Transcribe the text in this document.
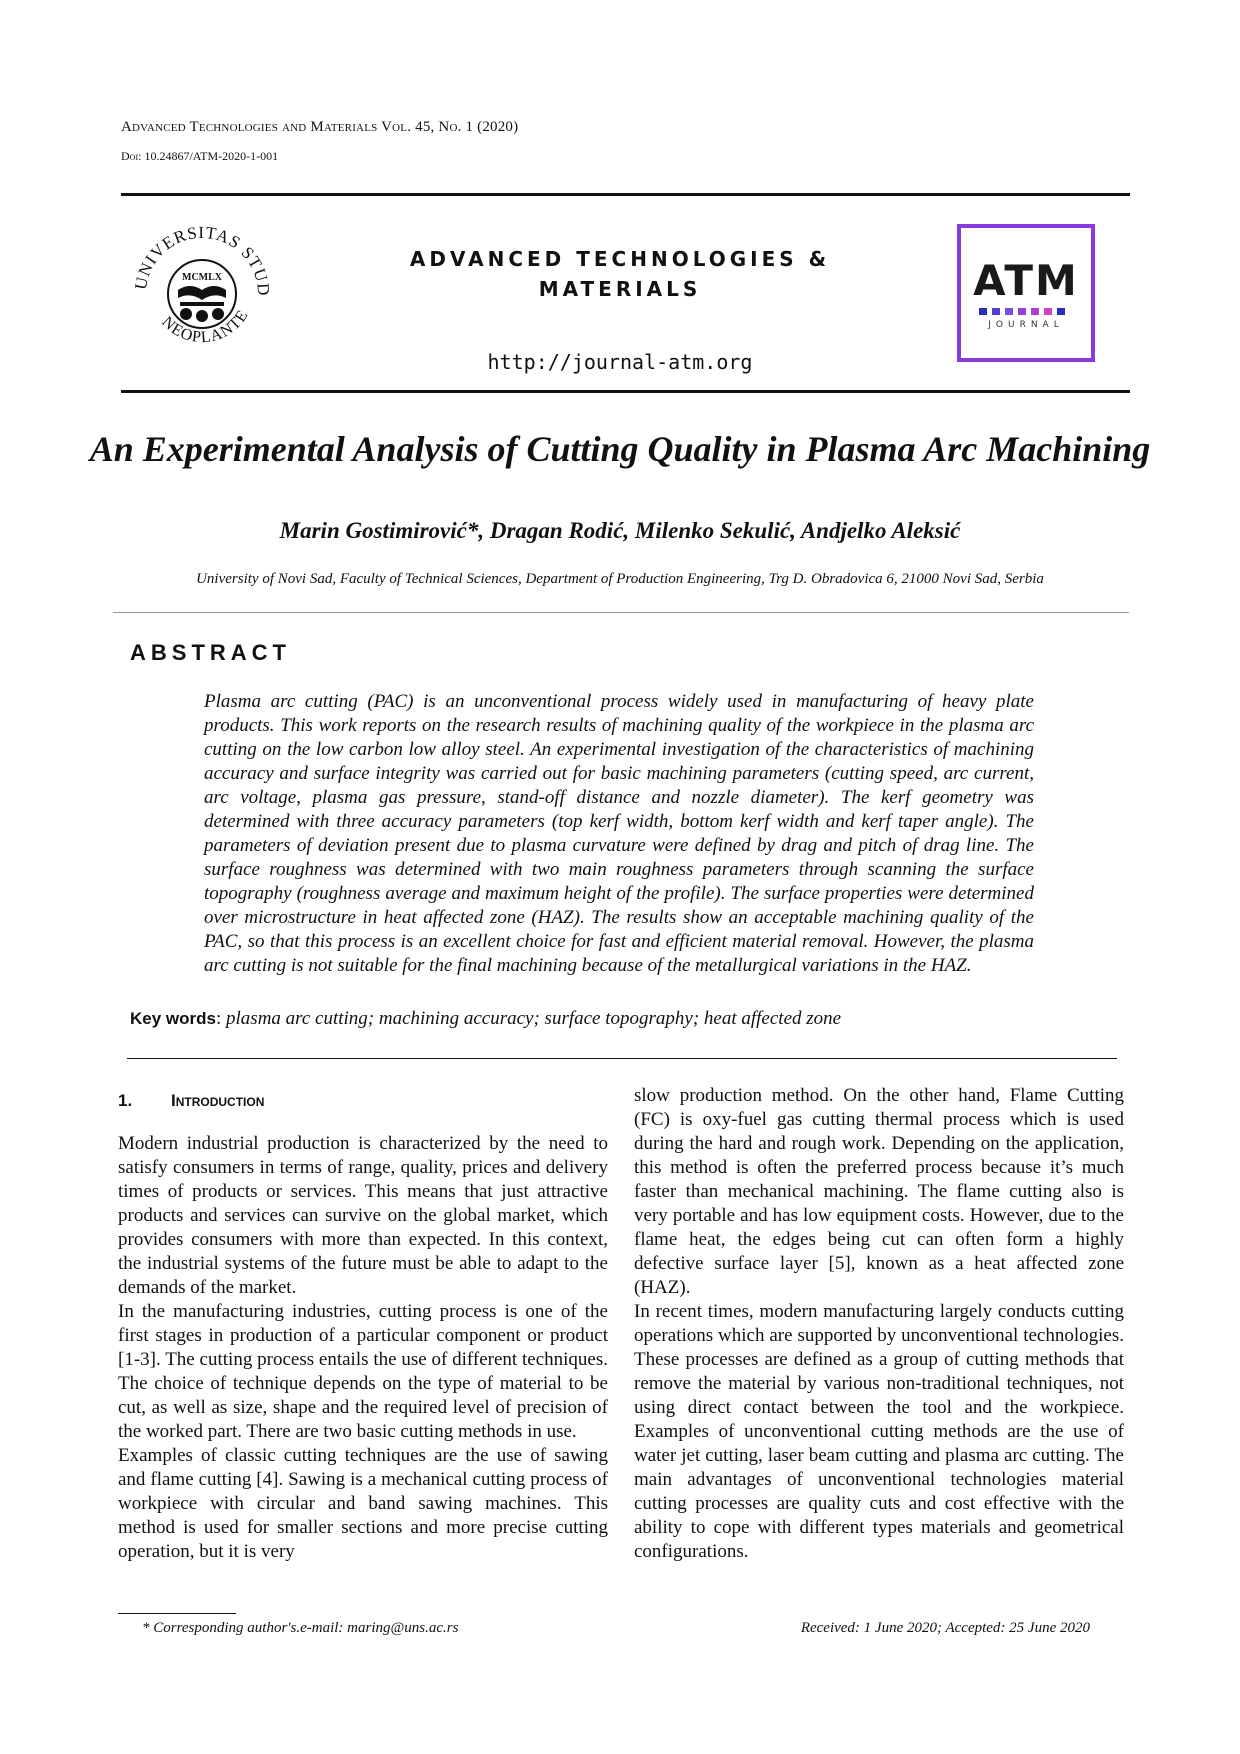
Advanced Technologies and Materials Vol. 45, No. 1 (2020)
Doi: 10.24867/ATM-2020-1-001
UNIVERSITAS STUD
NEOPLANTE
MCMLX
ADVANCED TECHNOLOGIES &
MATERIALS
http://journal-atm.org
ATM
JOURNAL
An Experimental Analysis of Cutting Quality in Plasma Arc Machining
Marin Gostimirović*, Dragan Rodić, Milenko Sekulić, Andjelko Aleksić
University of Novi Sad, Faculty of Technical Sciences, Department of Production Engineering, Trg D. Obradovica 6, 21000 Novi Sad, Serbia
ABSTRACT
Plasma arc cutting (PAC) is an unconventional process widely used in manufacturing of heavy plate products. This work reports on the research results of machining quality of the workpiece in the plasma arc cutting on the low carbon low alloy steel. An experimental investigation of the characteristics of machining accuracy and surface integrity was carried out for basic machining parameters (cutting speed, arc current, arc voltage, plasma gas pressure, stand-off distance and nozzle diameter). The kerf geometry was determined with three accuracy parameters (top kerf width, bottom kerf width and kerf taper angle). The parameters of deviation present due to plasma curvature were defined by drag and pitch of drag line. The surface roughness was determined with two main roughness parameters through scanning the surface topography (roughness average and maximum height of the profile). The surface properties were determined over microstructure in heat affected zone (HAZ). The results show an acceptable machining quality of the PAC, so that this process is an excellent choice for fast and efficient material removal. However, the plasma arc cutting is not suitable for the final machining because of the metallurgical variations in the HAZ.
Key words: plasma arc cutting; machining accuracy; surface topography; heat affected zone
1. Introduction

Modern industrial production is characterized by the need to satisfy consumers in terms of range, quality, prices and delivery times of products or services. This means that just attractive products and services can survive on the global market, which provides consumers with more than expected. In this context, the industrial systems of the future must be able to adapt to the demands of the market.

In the manufacturing industries, cutting process is one of the first stages in production of a particular component or product [1-3]. The cutting process entails the use of different techniques. The choice of technique depends on the type of material to be cut, as well as size, shape and the required level of precision of the worked part. There are two basic cutting methods in use.

Examples of classic cutting techniques are the use of sawing and flame cutting [4]. Sawing is a mechanical cutting process of workpiece with circular and band sawing machines. This method is used for smaller sections and more precise cutting operation, but it is very

slow production method. On the other hand, Flame Cutting (FC) is oxy-fuel gas cutting thermal process which is used during the hard and rough work. Depending on the application, this method is often the preferred process because it’s much faster than mechanical machining. The flame cutting also is very portable and has low equipment costs. However, due to the flame heat, the edges being cut can often form a highly defective surface layer [5], known as a heat affected zone (HAZ).

In recent times, modern manufacturing largely conducts cutting operations which are supported by unconventional technologies. These processes are defined as a group of cutting methods that remove the material by various non-traditional techniques, not using direct contact between the tool and the workpiece. Examples of unconventional cutting methods are the use of water jet cutting, laser beam cutting and plasma arc cutting. The main advantages of unconventional technologies material cutting processes are quality cuts and cost effective with the ability to cope with different types materials and geometrical configurations.

* Corresponding author's.e-mail: maring@uns.ac.rs	Received: 1 June 2020; Accepted: 25 June 2020
